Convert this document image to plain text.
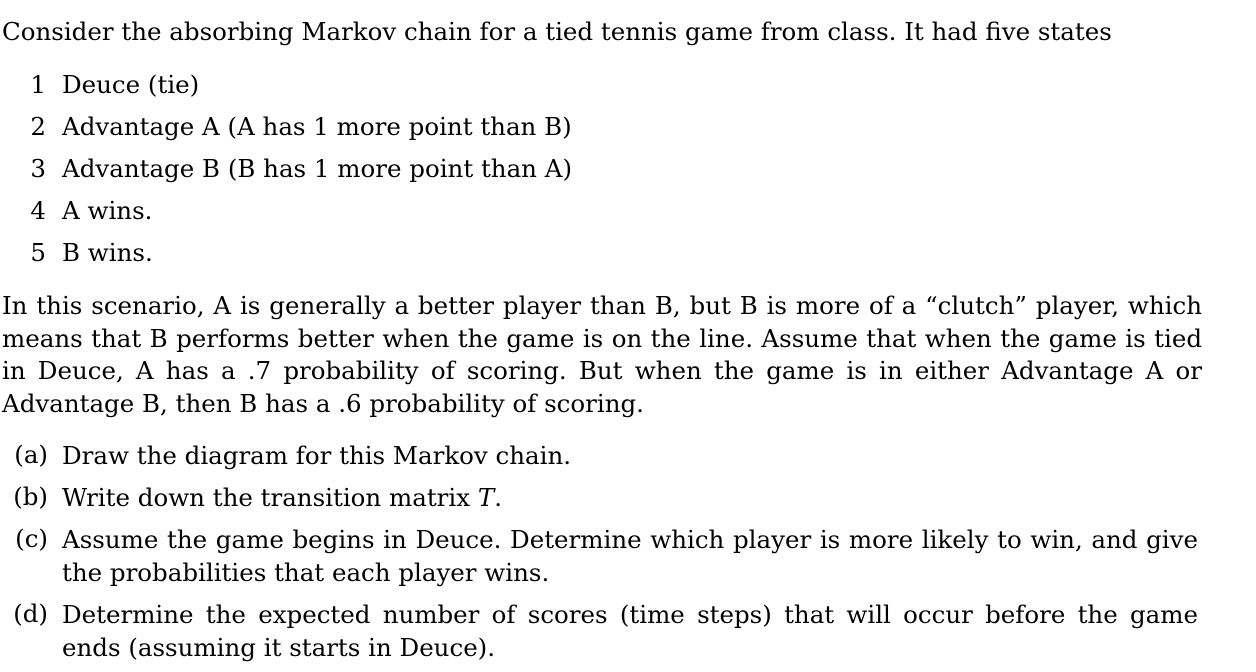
Consider the absorbing Markov chain for a tied tennis game from class. It had five states
1 Deuce (tie)
2 Advantage A (A has 1 more point than B)
3 Advantage B (B has 1 more point than A)
4 A wins.
5 B wins.
In this scenario, A is generally a better player than B, but B is more of a “clutch” player, which means that B performs better when the game is on the line. Assume that when the game is tied in Deuce, A has a .7 probability of scoring. But when the game is in either Advantage A or Advantage B, then B has a .6 probability of scoring.
(a) Draw the diagram for this Markov chain.
(b) Write down the transition matrix T.
(c) Assume the game begins in Deuce. Determine which player is more likely to win, and give the probabilities that each player wins.
(d) Determine the expected number of scores (time steps) that will occur before the game ends (assuming it starts in Deuce).
